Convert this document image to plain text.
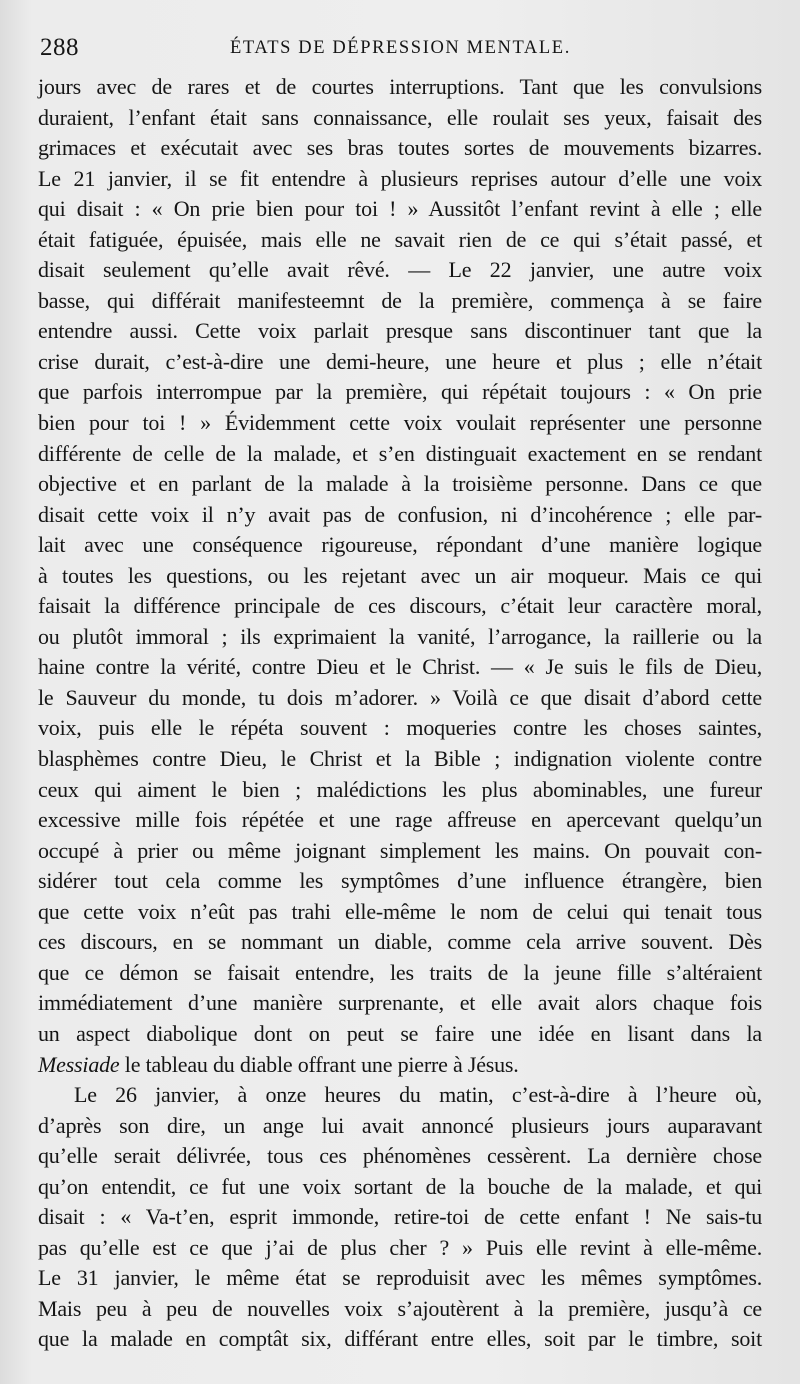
288	ÉTATS DE DÉPRESSION MENTALE.
jours avec de rares et de courtes interruptions. Tant que les convulsions
duraient, l’enfant était sans connaissance, elle roulait ses yeux, faisait des
grimaces et exécutait avec ses bras toutes sortes de mouvements bizarres.
Le 21 janvier, il se fit entendre à plusieurs reprises autour d’elle une voix
qui disait : « On prie bien pour toi ! » Aussitôt l’enfant revint à elle ; elle
était fatiguée, épuisée, mais elle ne savait rien de ce qui s’était passé, et
disait seulement qu’elle avait rêvé. — Le 22 janvier, une autre voix
basse, qui différait manifesteemnt de la première, commença à se faire
entendre aussi. Cette voix parlait presque sans discontinuer tant que la
crise durait, c’est-à-dire une demi-heure, une heure et plus ; elle n’était
que parfois interrompue par la première, qui répétait toujours : « On prie
bien pour toi ! » Évidemment cette voix voulait représenter une personne
différente de celle de la malade, et s’en distinguait exactement en se rendant
objective et en parlant de la malade à la troisième personne. Dans ce que
disait cette voix il n’y avait pas de confusion, ni d’incohérence ; elle par-
lait avec une conséquence rigoureuse, répondant d’une manière logique
à toutes les questions, ou les rejetant avec un air moqueur. Mais ce qui
faisait la différence principale de ces discours, c’était leur caractère moral,
ou plutôt immoral ; ils exprimaient la vanité, l’arrogance, la raillerie ou la
haine contre la vérité, contre Dieu et le Christ. — « Je suis le fils de Dieu,
le Sauveur du monde, tu dois m’adorer. » Voilà ce que disait d’abord cette
voix, puis elle le répéta souvent : moqueries contre les choses saintes,
blasphèmes contre Dieu, le Christ et la Bible ; indignation violente contre
ceux qui aiment le bien ; malédictions les plus abominables, une fureur
excessive mille fois répétée et une rage affreuse en apercevant quelqu’un
occupé à prier ou même joignant simplement les mains. On pouvait con-
sidérer tout cela comme les symptômes d’une influence étrangère, bien
que cette voix n’eût pas trahi elle-même le nom de celui qui tenait tous
ces discours, en se nommant un diable, comme cela arrive souvent. Dès
que ce démon se faisait entendre, les traits de la jeune fille s’altéraient
immédiatement d’une manière surprenante, et elle avait alors chaque fois
un aspect diabolique dont on peut se faire une idée en lisant dans la
Messiade le tableau du diable offrant une pierre à Jésus.
Le 26 janvier, à onze heures du matin, c’est-à-dire à l’heure où,
d’après son dire, un ange lui avait annoncé plusieurs jours auparavant
qu’elle serait délivrée, tous ces phénomènes cessèrent. La dernière chose
qu’on entendit, ce fut une voix sortant de la bouche de la malade, et qui
disait : « Va-t’en, esprit immonde, retire-toi de cette enfant ! Ne sais-tu
pas qu’elle est ce que j’ai de plus cher ? » Puis elle revint à elle-même.
Le 31 janvier, le même état se reproduisit avec les mêmes symptômes.
Mais peu à peu de nouvelles voix s’ajoutèrent à la première, jusqu’à ce
que la malade en comptât six, différant entre elles, soit par le timbre, soit
